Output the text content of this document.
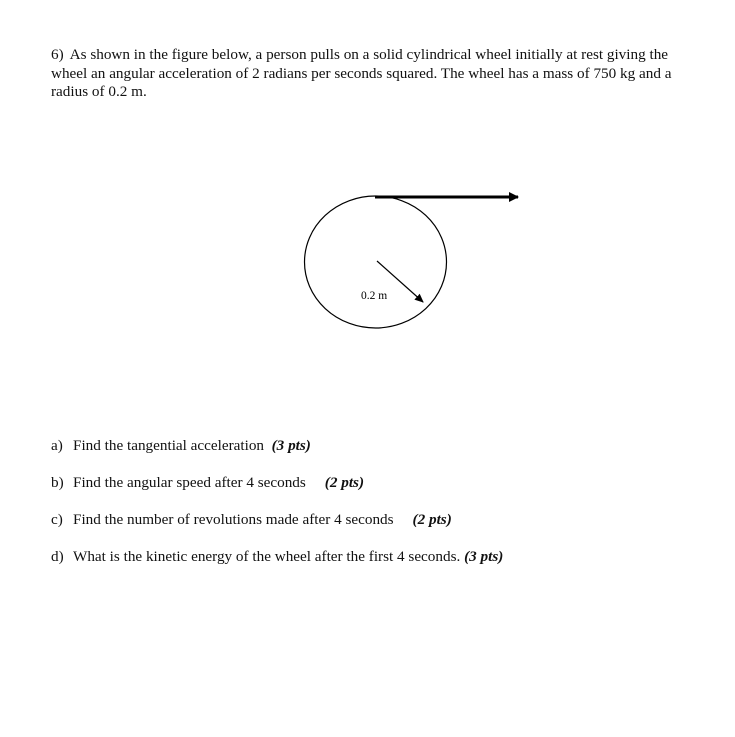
6) As shown in the figure below, a person pulls on a solid cylindrical wheel initially at rest giving the wheel an angular acceleration of 2 radians per seconds squared. The wheel has a mass of 750 kg and a radius of 0.2 m.

0.2 m
a) Find the tangential acceleration (3 pts)
b) Find the angular speed after 4 seconds (2 pts)
c) Find the number of revolutions made after 4 seconds (2 pts)
d) What is the kinetic energy of the wheel after the first 4 seconds. (3 pts)
